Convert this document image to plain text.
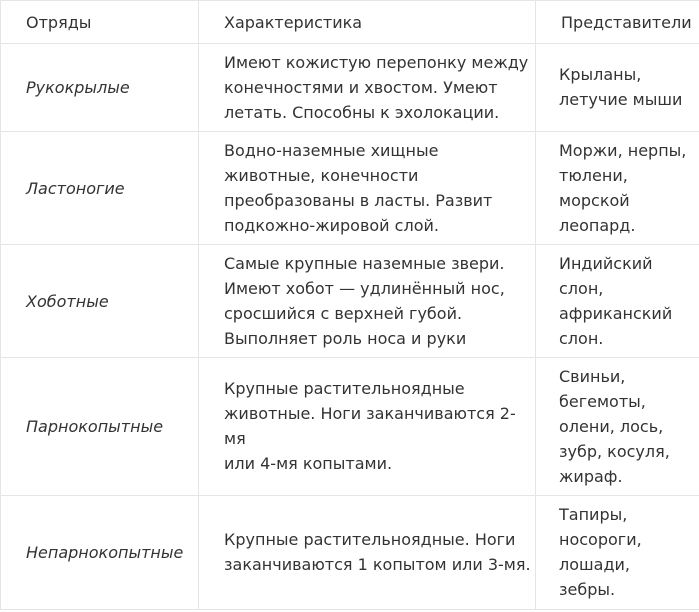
Отряды	Характеристика	Представители
Рукокрылые	Имеют кожистую перепонку между
конечностями и хвостом. Умеют
летать. Способны к эхолокации.	Крыланы,
летучие мыши

Ластоногие	Водно-наземные хищные
животные, конечности
преобразованы в ласты. Развит
подкожно-жировой слой.	Моржи, нерпы,
тюлени,
морской
леопард.

Хоботные	Самые крупные наземные звери.
Имеют хобот — удлинённый нос,
сросшийся с верхней губой.
Выполняет роль носа и руки	Индийский
слон,
африканский
слон.

Парнокопытные	Крупные растительноядные
животные. Ноги заканчиваются 2-мя
или 4-мя копытами.	Свиньи,
бегемоты,
олени, лось,
зубр, косуля,
жираф.

Непарнокопытные	Крупные растительноядные. Ноги
заканчиваются 1 копытом или 3-мя.	Тапиры,
носороги,
лошади,
зебры.
